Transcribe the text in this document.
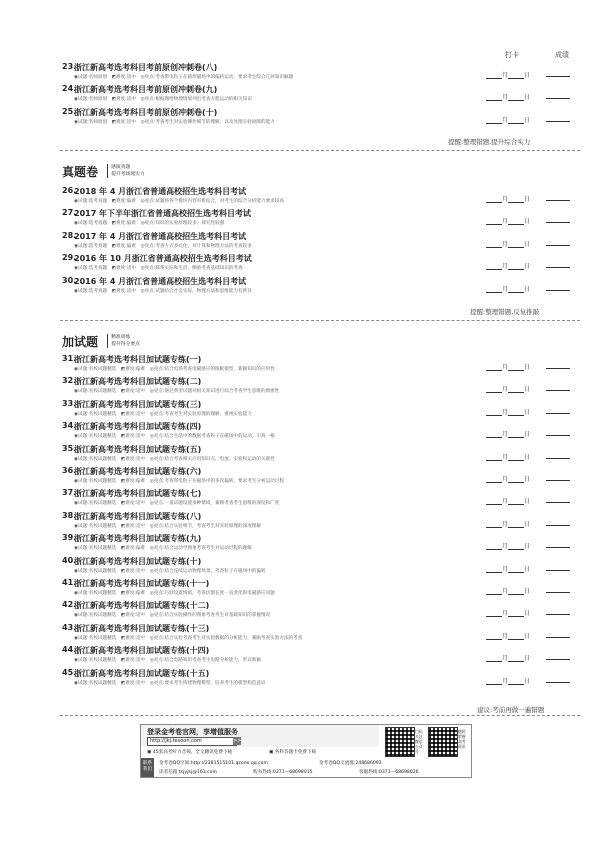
打卡	成绩
23.
浙江新高考选考科目考前原创冲刺卷(八)
◉试题:名师原创　◩难度:适中　◎亮点:考查带电粒子在圆形磁场中的偏转运动，要求考生综合几何知识解题	月	日
24.
浙江新高考选考科目考前原创冲刺卷(九)
◉试题:名师原创　◩难度:适中　◎亮点:根据题给物理情境列出考查方程运动的相关知识	月	日
25.
浙江新高考选考科目考前原创冲刺卷(十)
◉试题:名师原创　◩难度:适中　◎亮点:考查考生对实验操作细节的理解，以及处理实验故障的能力	月	日
提醒:整理错题,提升综合实力
真题卷	感演真题
提升考场理实力
26.
2018 年 4 月浙江省普通高校招生选考科目考试
◉试题:选考真题　◩难度:偏难　◎亮点:试题将各个模块内容有机结合，对考生的综合分析能力要求较高	月	日
27.
2017 年下半年浙江省普通高校招生选考科目考试
◉试题:选考真题　◩难度:偏难　◎亮点:知识的实验原理较多，探究性较强	月	日
28.
2017 年 4 月浙江省普通高校招生选考科目考试
◉试题:选考真题　◩难度:偏难　◎亮点:考查方式多元化，对计算和物理方法的考查较多	月	日
29.
2016 年 10 月浙江省普通高校招生选考科目考试
◉试题:选考真题　◩难度:适中　◎亮点:联系实际和生活，侧重考查基础知识的考查	月	日
30.
2016 年 4 月浙江省普通高校招生选考科目考试
◉试题:选考真题　◩难度:适中　◎亮点:试题结合社会实际，物理方法和思维能力有涉及	月	日
提醒:整理错题,反复推敲
加试题	精准训练
提升得分要点
31.
浙江新高考选考科目加试题专练(一)
◉试题:名校试题精选　◩难度:偏难　◎亮点:结合电场考查电磁感应的线框模型，新颖知识的应用性	月	日
32.
浙江新高考选考科目加试题专练(二)
◉试题:名校试题精选　◩难度:适中　◎亮点:通过典型试题对相关知识进行综合考查学生思维的缜密性	月	日
33.
浙江新高考选考科目加试题专练(三)
◉试题:名校试题精选　◩难度:适中　◎亮点:考查考生对实验原理的理解，重视实验能力	月	日
34.
浙江新高考选考科目加试题专练(四)
◉试题:名校试题精选　◩难度:适中　◎亮点:结合生活中的数据考查粒子在磁场中的运动，引真一格	月	日
35.
浙江新高考选考科目加试题专练(五)
◉试题:名校试题精选　◩难度:适中　◎亮点:结合考查相关应用知识点，电流、实验和运动的关联性	月	日
36.
浙江新高考选考科目加试题专练(六)
◉试题:名校试题精选　◩难度:偏难　◎亮点:考查带电粒子在磁场中的多次偏转，要求考生分析运动过程	月	日
37.
浙江新高考选考科目加试题专练(七)
◉试题:名校试题精选　◩难度:适中　◎亮点:一道试题设置多种情境，兼顾考查考生思维的深度和广度	月	日
38.
浙江新高考选考科目加试题专练(八)
◉试题:名校试题精选　◩难度:适中　◎亮点:结合实验细节，考查考生对实验原理的深度理解	月	日
39.
浙江新高考选考科目加试题专练(九)
◉试题:名校试题精选　◩难度:偏难　◎亮点:结合运动学图象考查考生对运动过程的理解	月	日
40.
浙江新高考选考科目加试题专练(十)
◉试题:名校试题精选　◩难度:适中　◎亮点:结合连续运动物理场景，考查粒子在磁场中的偏转	月	日
41.
浙江新高考选考科目加试题专练(十一)
◉试题:名校试题精选　◩难度:偏难　◎亮点:巧妙设置情境，考查切割长度一直变化的电磁感应问题	月	日
42.
浙江新高考选考科目加试题专练(十二)
◉试题:名校试题精选　◩难度:适中　◎亮点:结合实验操作的图象考查考生对基础知识的掌握情况	月	日
43.
浙江新高考选考科目加试题专练(十三)
◉试题:名校试题精选　◩难度:适中　◎亮点:结合实验考查考生对实验数据的分析能力，兼顾考查实验方法的考查	月	日
44.
浙江新高考选考科目加试题专练(十四)
◉试题:名校试题精选　◩难度:适中　◎亮点:结合电路知识考查考生电路分析能力，形式新颖	月	日
45.
浙江新高考选考科目加试题专练(十五)
◉试题:名校试题精选　◩难度:适中　◎亮点:要求考生构建物理模型，培养考生的模型构造意识	月	日
建议:考前再做一遍错题
登录金考卷官网，享增值服务
http://jkj.tesoon.com	>>
▣ 45套高考听力音频、全文翻译免费下载	▣ 各科答题卡免费下载
扫码关注微信公众号
随时掌握高考资讯
联系我们
金考卷QQ空间:http://2281515101.qzone.qq.com	金考卷QQ交流群:248686092
读者信箱:tsjyjkj@163.com	购书热线:0371—68698015	客服热线:0371—68698026
